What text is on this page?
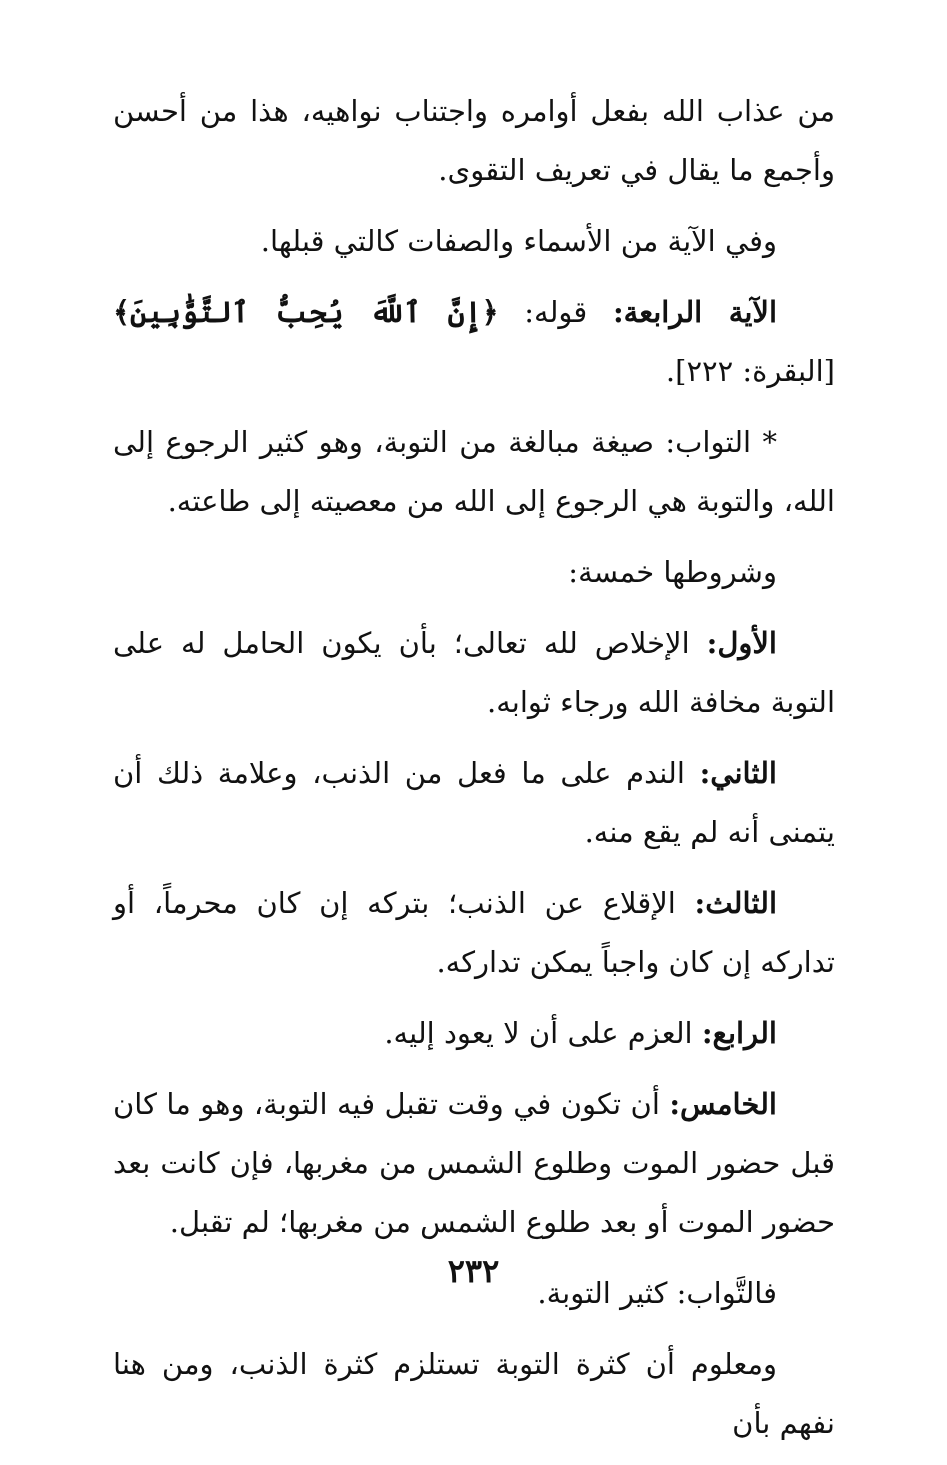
من عذاب الله بفعل أوامره واجتناب نواهيه، هذا من أحسن وأجمع ما يقال في تعريف التقوى.

وفي الآية من الأسماء والصفات كالتي قبلها.

الآية الرابعة: قوله: ﴿إِنَّ ٱللَّهَ يُحِبُّ ٱلتَّوَّٰبِينَ﴾ [البقرة: ٢٢٢].

* التواب: صيغة مبالغة من التوبة، وهو كثير الرجوع إلى الله، والتوبة هي الرجوع إلى الله من معصيته إلى طاعته.

وشروطها خمسة:

الأول: الإخلاص لله تعالى؛ بأن يكون الحامل له على التوبة مخافة الله ورجاء ثوابه.

الثاني: الندم على ما فعل من الذنب، وعلامة ذلك أن يتمنى أنه لم يقع منه.

الثالث: الإقلاع عن الذنب؛ بتركه إن كان محرماً، أو تداركه إن كان واجباً يمكن تداركه.

الرابع: العزم على أن لا يعود إليه.

الخامس: أن تكون في وقت تقبل فيه التوبة، وهو ما كان قبل حضور الموت وطلوع الشمس من مغربها، فإن كانت بعد حضور الموت أو بعد طلوع الشمس من مغربها؛ لم تقبل.

فالتَّواب: كثير التوبة.

ومعلوم أن كثرة التوبة تستلزم كثرة الذنب، ومن هنا نفهم بأن

٢٣٢
